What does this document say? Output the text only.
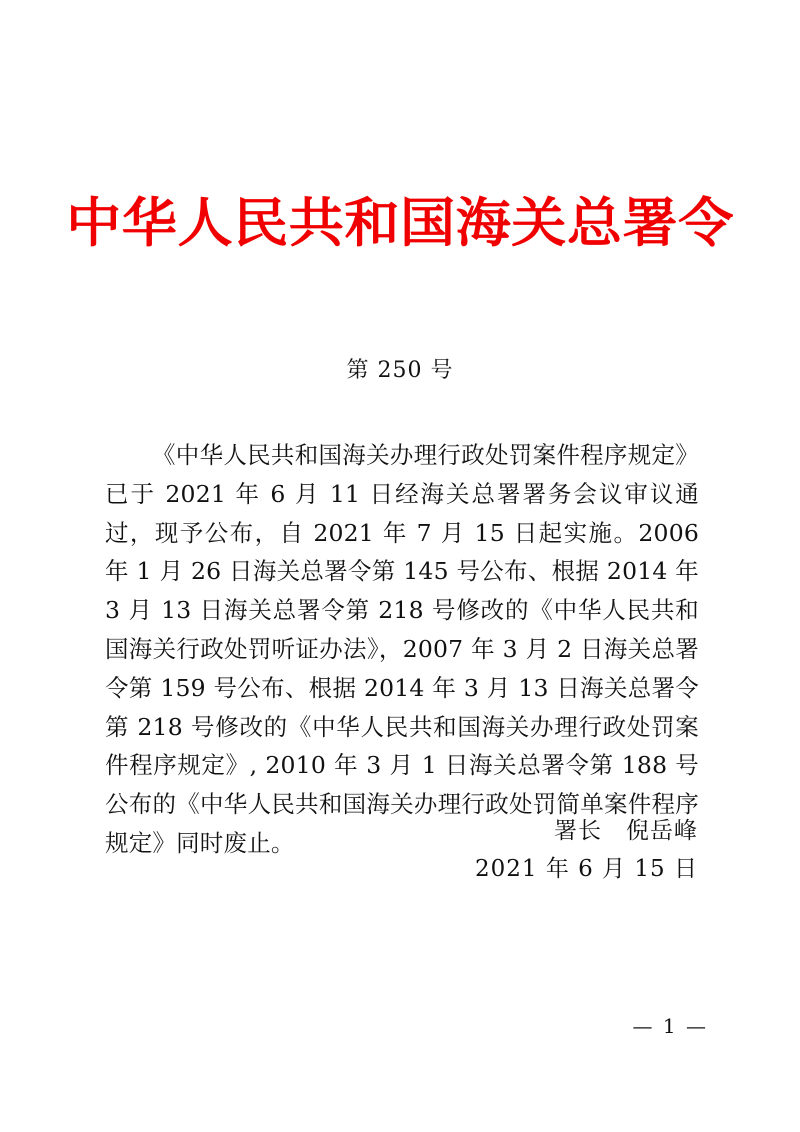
中华人民共和国海关总署令
第 250 号

《中华人民共和国海关办理行政处罚案件程序规定》已于 2021 年 6 月 11 日经海关总署署务会议审议通过，现予公布，自 2021 年 7 月 15 日起实施。2006 年 1 月 26 日海关总署令第 145 号公布、根据 2014 年 3 月 13 日海关总署令第 218 号修改的《中华人民共和国海关行政处罚听证办法》，2007 年 3 月 2 日海关总署令第 159 号公布、根据 2014 年 3 月 13 日海关总署令第 218 号修改的《中华人民共和国海关办理行政处罚案件程序规定》, 2010 年 3 月 1 日海关总署令第 188 号公布的《中华人民共和国海关办理行政处罚简单案件程序规定》同时废止。	署长　倪岳峰
2021 年 6 月 15 日
— 1 —
